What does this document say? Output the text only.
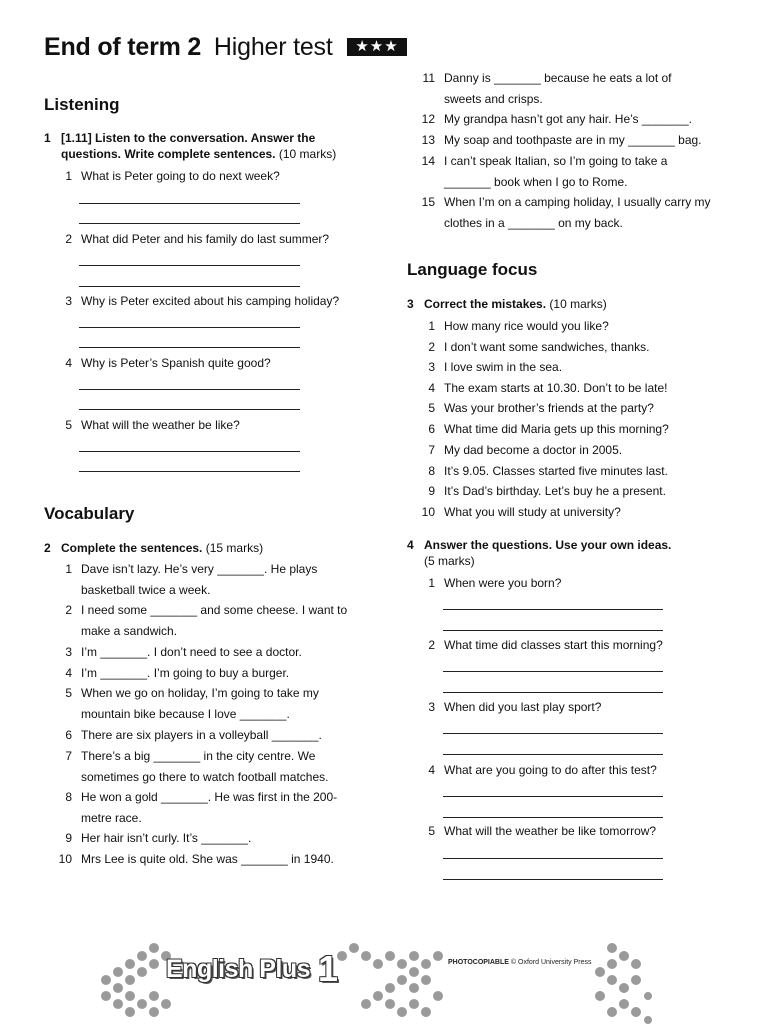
End of term 2 Higher test ★★★
Listening
1 [1.11] Listen to the conversation. Answer the questions. Write complete sentences. (10 marks)
1 What is Peter going to do next week?
2 What did Peter and his family do last summer?
3 Why is Peter excited about his camping holiday?
4 Why is Peter’s Spanish quite good?
5 What will the weather be like?
Vocabulary
2 Complete the sentences. (15 marks)
1 Dave isn’t lazy. He’s very _______. He plays basketball twice a week.
2 I need some _______ and some cheese. I want to make a sandwich.
3 I’m _______. I don’t need to see a doctor.
4 I’m _______. I’m going to buy a burger.
5 When we go on holiday, I’m going to take my mountain bike because I love _______.
6 There are six players in a volleyball _______.
7 There’s a big _______ in the city centre. We sometimes go there to watch football matches.
8 He won a gold _______. He was first in the 200-metre race.
9 Her hair isn’t curly. It’s _______.
10 Mrs Lee is quite old. She was _______ in 1940.
11 Danny is _______ because he eats a lot of sweets and crisps.
12 My grandpa hasn’t got any hair. He’s _______.
13 My soap and toothpaste are in my _______ bag.
14 I can’t speak Italian, so I’m going to take a _______ book when I go to Rome.
15 When I’m on a camping holiday, I usually carry my clothes in a _______ on my back.
Language focus
3 Correct the mistakes. (10 marks)
1 How many rice would you like?
2 I don’t want some sandwiches, thanks.
3 I love swim in the sea.
4 The exam starts at 10.30. Don’t to be late!
5 Was your brother’s friends at the party?
6 What time did Maria gets up this morning?
7 My dad become a doctor in 2005.
8 It’s 9.05. Classes started five minutes last.
9 It’s Dad’s birthday. Let’s buy he a present.
10 What you will study at university?
4 Answer the questions. Use your own ideas.
(5 marks)
1 When were you born?
2 What time did classes start this morning?
3 When did you last play sport?
4 What are you going to do after this test?
5 What will the weather be like tomorrow?
English Plus 1	PHOTOCOPIABLE © Oxford University Press
